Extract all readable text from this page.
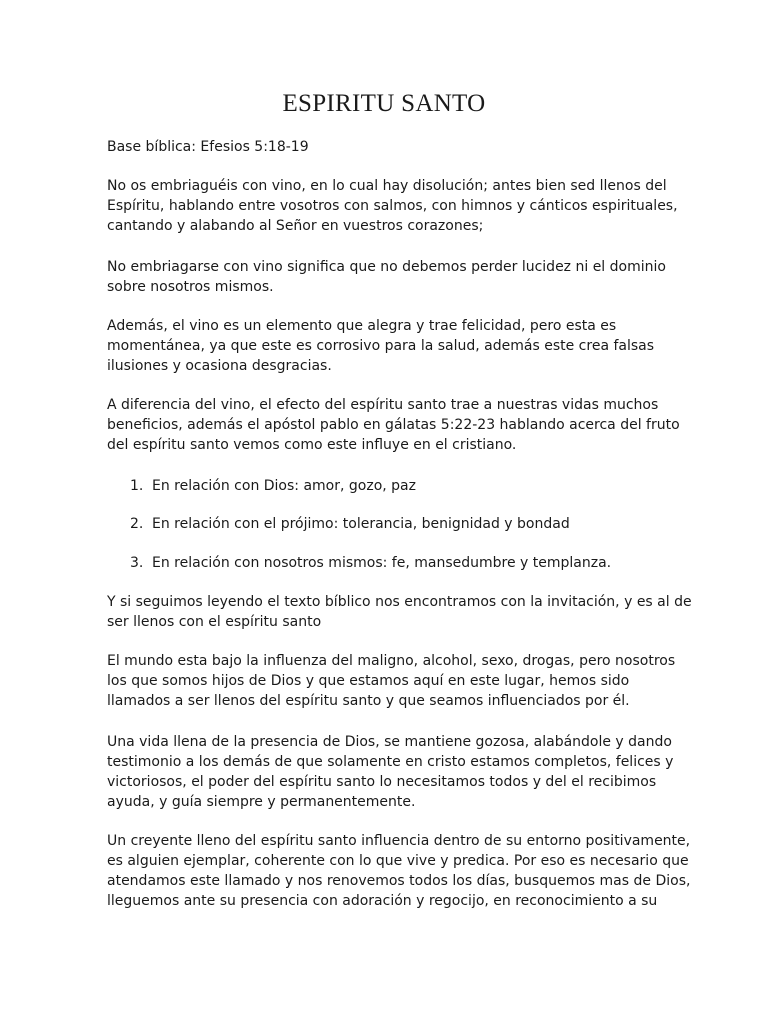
ESPIRITU SANTO

Base bíblica: Efesios 5:18-19

No os embriaguéis con vino, en lo cual hay disolución; antes bien sed llenos del
Espíritu, hablando entre vosotros con salmos, con himnos y cánticos espirituales,
cantando y alabando al Señor en vuestros corazones;

No embriagarse con vino significa que no debemos perder lucidez ni el dominio
sobre nosotros mismos.

Además, el vino es un elemento que alegra y trae felicidad, pero esta es
momentánea, ya que este es corrosivo para la salud, además este crea falsas
ilusiones y ocasiona desgracias.

A diferencia del vino, el efecto del espíritu santo trae a nuestras vidas muchos
beneficios, además el apóstol pablo en gálatas 5:22-23 hablando acerca del fruto
del espíritu santo vemos como este influye en el cristiano.

1. En relación con Dios: amor, gozo, paz

2. En relación con el prójimo: tolerancia, benignidad y bondad

3. En relación con nosotros mismos: fe, mansedumbre y templanza.

Y si seguimos leyendo el texto bíblico nos encontramos con la invitación, y es al de
ser llenos con el espíritu santo

El mundo esta bajo la influenza del maligno, alcohol, sexo, drogas, pero nosotros
los que somos hijos de Dios y que estamos aquí en este lugar, hemos sido
llamados a ser llenos del espíritu santo y que seamos influenciados por él.

Una vida llena de la presencia de Dios, se mantiene gozosa, alabándole y dando
testimonio a los demás de que solamente en cristo estamos completos, felices y
victoriosos, el poder del espíritu santo lo necesitamos todos y del el recibimos
ayuda, y guía siempre y permanentemente.

Un creyente lleno del espíritu santo influencia dentro de su entorno positivamente,
es alguien ejemplar, coherente con lo que vive y predica. Por eso es necesario que
atendamos este llamado y nos renovemos todos los días, busquemos mas de Dios,
lleguemos ante su presencia con adoración y regocijo, en reconocimiento a su
